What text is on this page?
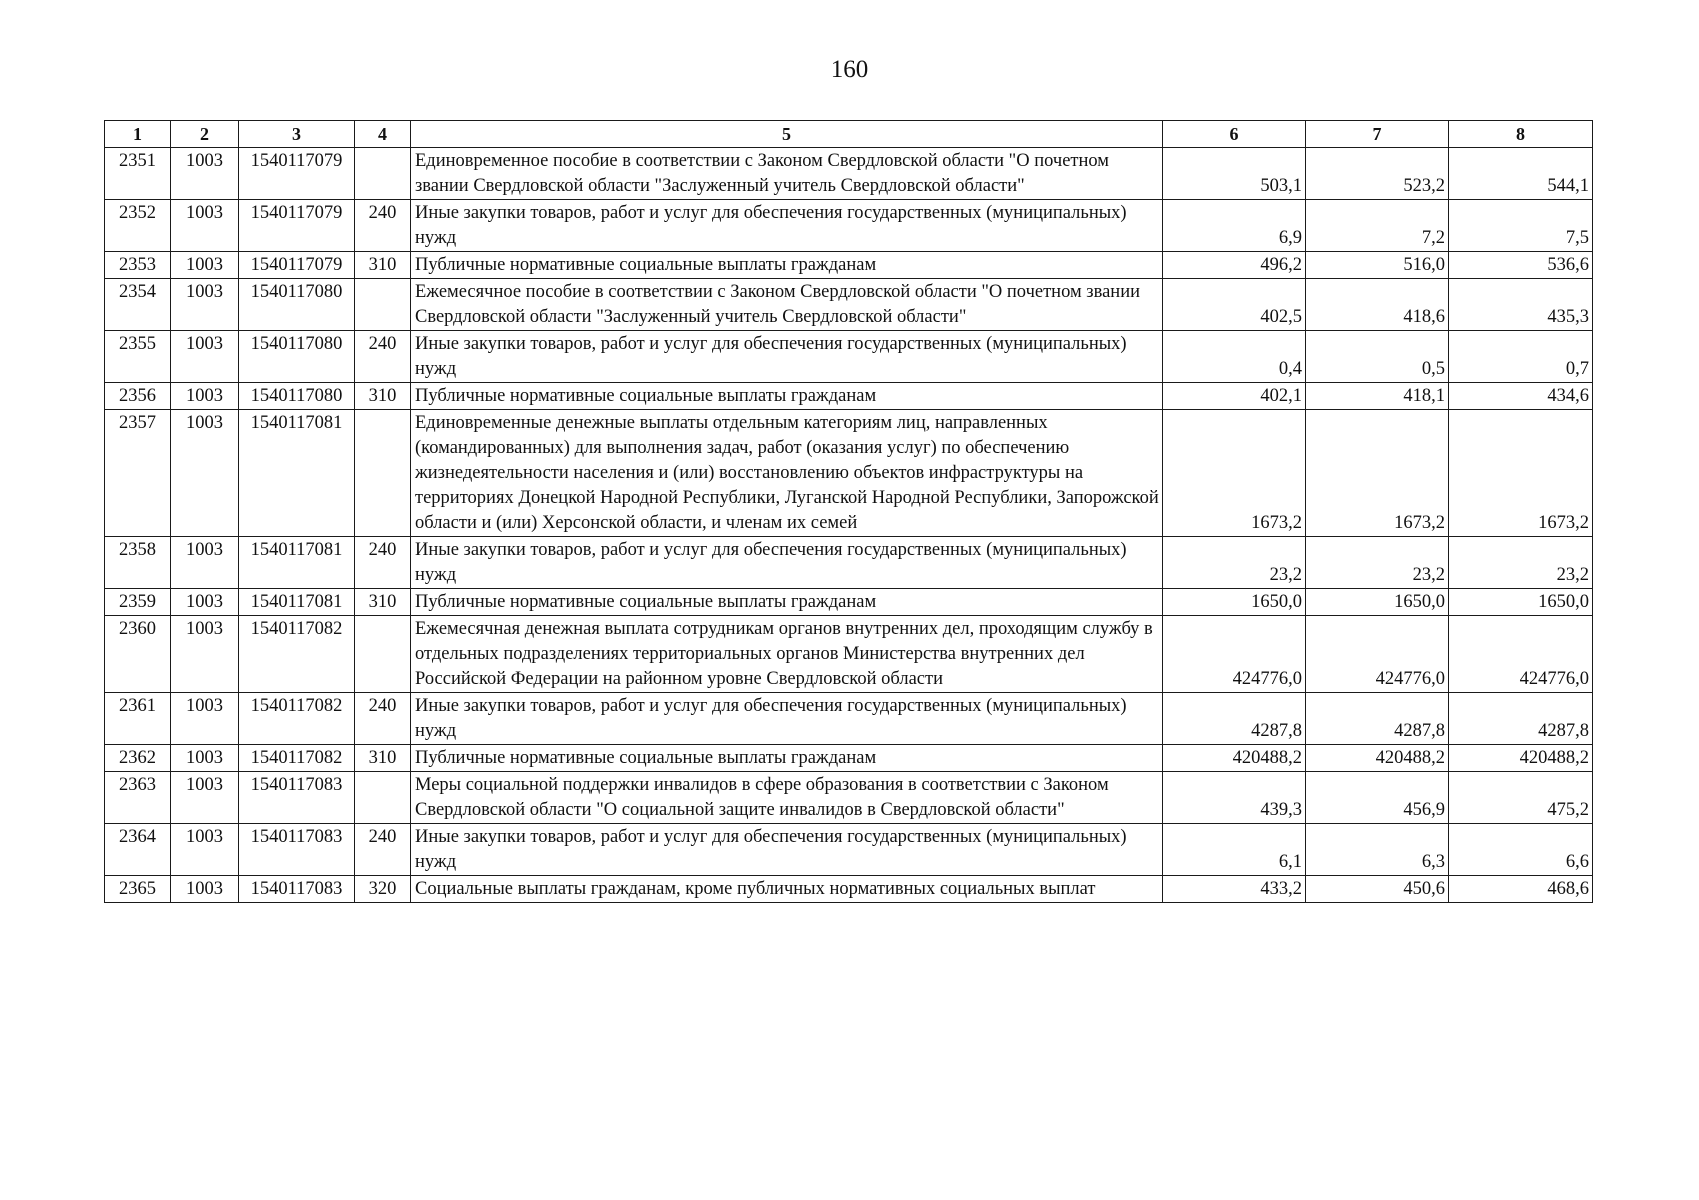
160
1	2	3	4	5	6	7	8
2351	1003	1540117079		Единовременное пособие в соответствии с Законом Свердловской области "О почетном звании Свердловской области "Заслуженный учитель Свердловской области"	503,1	523,2	544,1
2352	1003	1540117079	240	Иные закупки товаров, работ и услуг для обеспечения государственных (муниципальных) нужд	6,9	7,2	7,5
2353	1003	1540117079	310	Публичные нормативные социальные выплаты гражданам	496,2	516,0	536,6
2354	1003	1540117080		Ежемесячное пособие в соответствии с Законом Свердловской области "О почетном звании Свердловской области "Заслуженный учитель Свердловской области"	402,5	418,6	435,3
2355	1003	1540117080	240	Иные закупки товаров, работ и услуг для обеспечения государственных (муниципальных) нужд	0,4	0,5	0,7
2356	1003	1540117080	310	Публичные нормативные социальные выплаты гражданам	402,1	418,1	434,6
2357	1003	1540117081		Единовременные денежные выплаты отдельным категориям лиц, направленных (командированных) для выполнения задач, работ (оказания услуг) по обеспечению жизнедеятельности населения и (или) восстановлению объектов инфраструктуры на территориях Донецкой Народной Республики, Луганской Народной Республики, Запорожской области и (или) Херсонской области, и членам их семей	1673,2	1673,2	1673,2
2358	1003	1540117081	240	Иные закупки товаров, работ и услуг для обеспечения государственных (муниципальных) нужд	23,2	23,2	23,2
2359	1003	1540117081	310	Публичные нормативные социальные выплаты гражданам	1650,0	1650,0	1650,0
2360	1003	1540117082		Ежемесячная денежная выплата сотрудникам органов внутренних дел, проходящим службу в отдельных подразделениях территориальных органов Министерства внутренних дел Российской Федерации на районном уровне Свердловской области	424776,0	424776,0	424776,0
2361	1003	1540117082	240	Иные закупки товаров, работ и услуг для обеспечения государственных (муниципальных) нужд	4287,8	4287,8	4287,8
2362	1003	1540117082	310	Публичные нормативные социальные выплаты гражданам	420488,2	420488,2	420488,2
2363	1003	1540117083		Меры социальной поддержки инвалидов в сфере образования в соответствии с Законом Свердловской области "О социальной защите инвалидов в Свердловской области"	439,3	456,9	475,2
2364	1003	1540117083	240	Иные закупки товаров, работ и услуг для обеспечения государственных (муниципальных) нужд	6,1	6,3	6,6
2365	1003	1540117083	320	Социальные выплаты гражданам, кроме публичных нормативных социальных выплат	433,2	450,6	468,6
